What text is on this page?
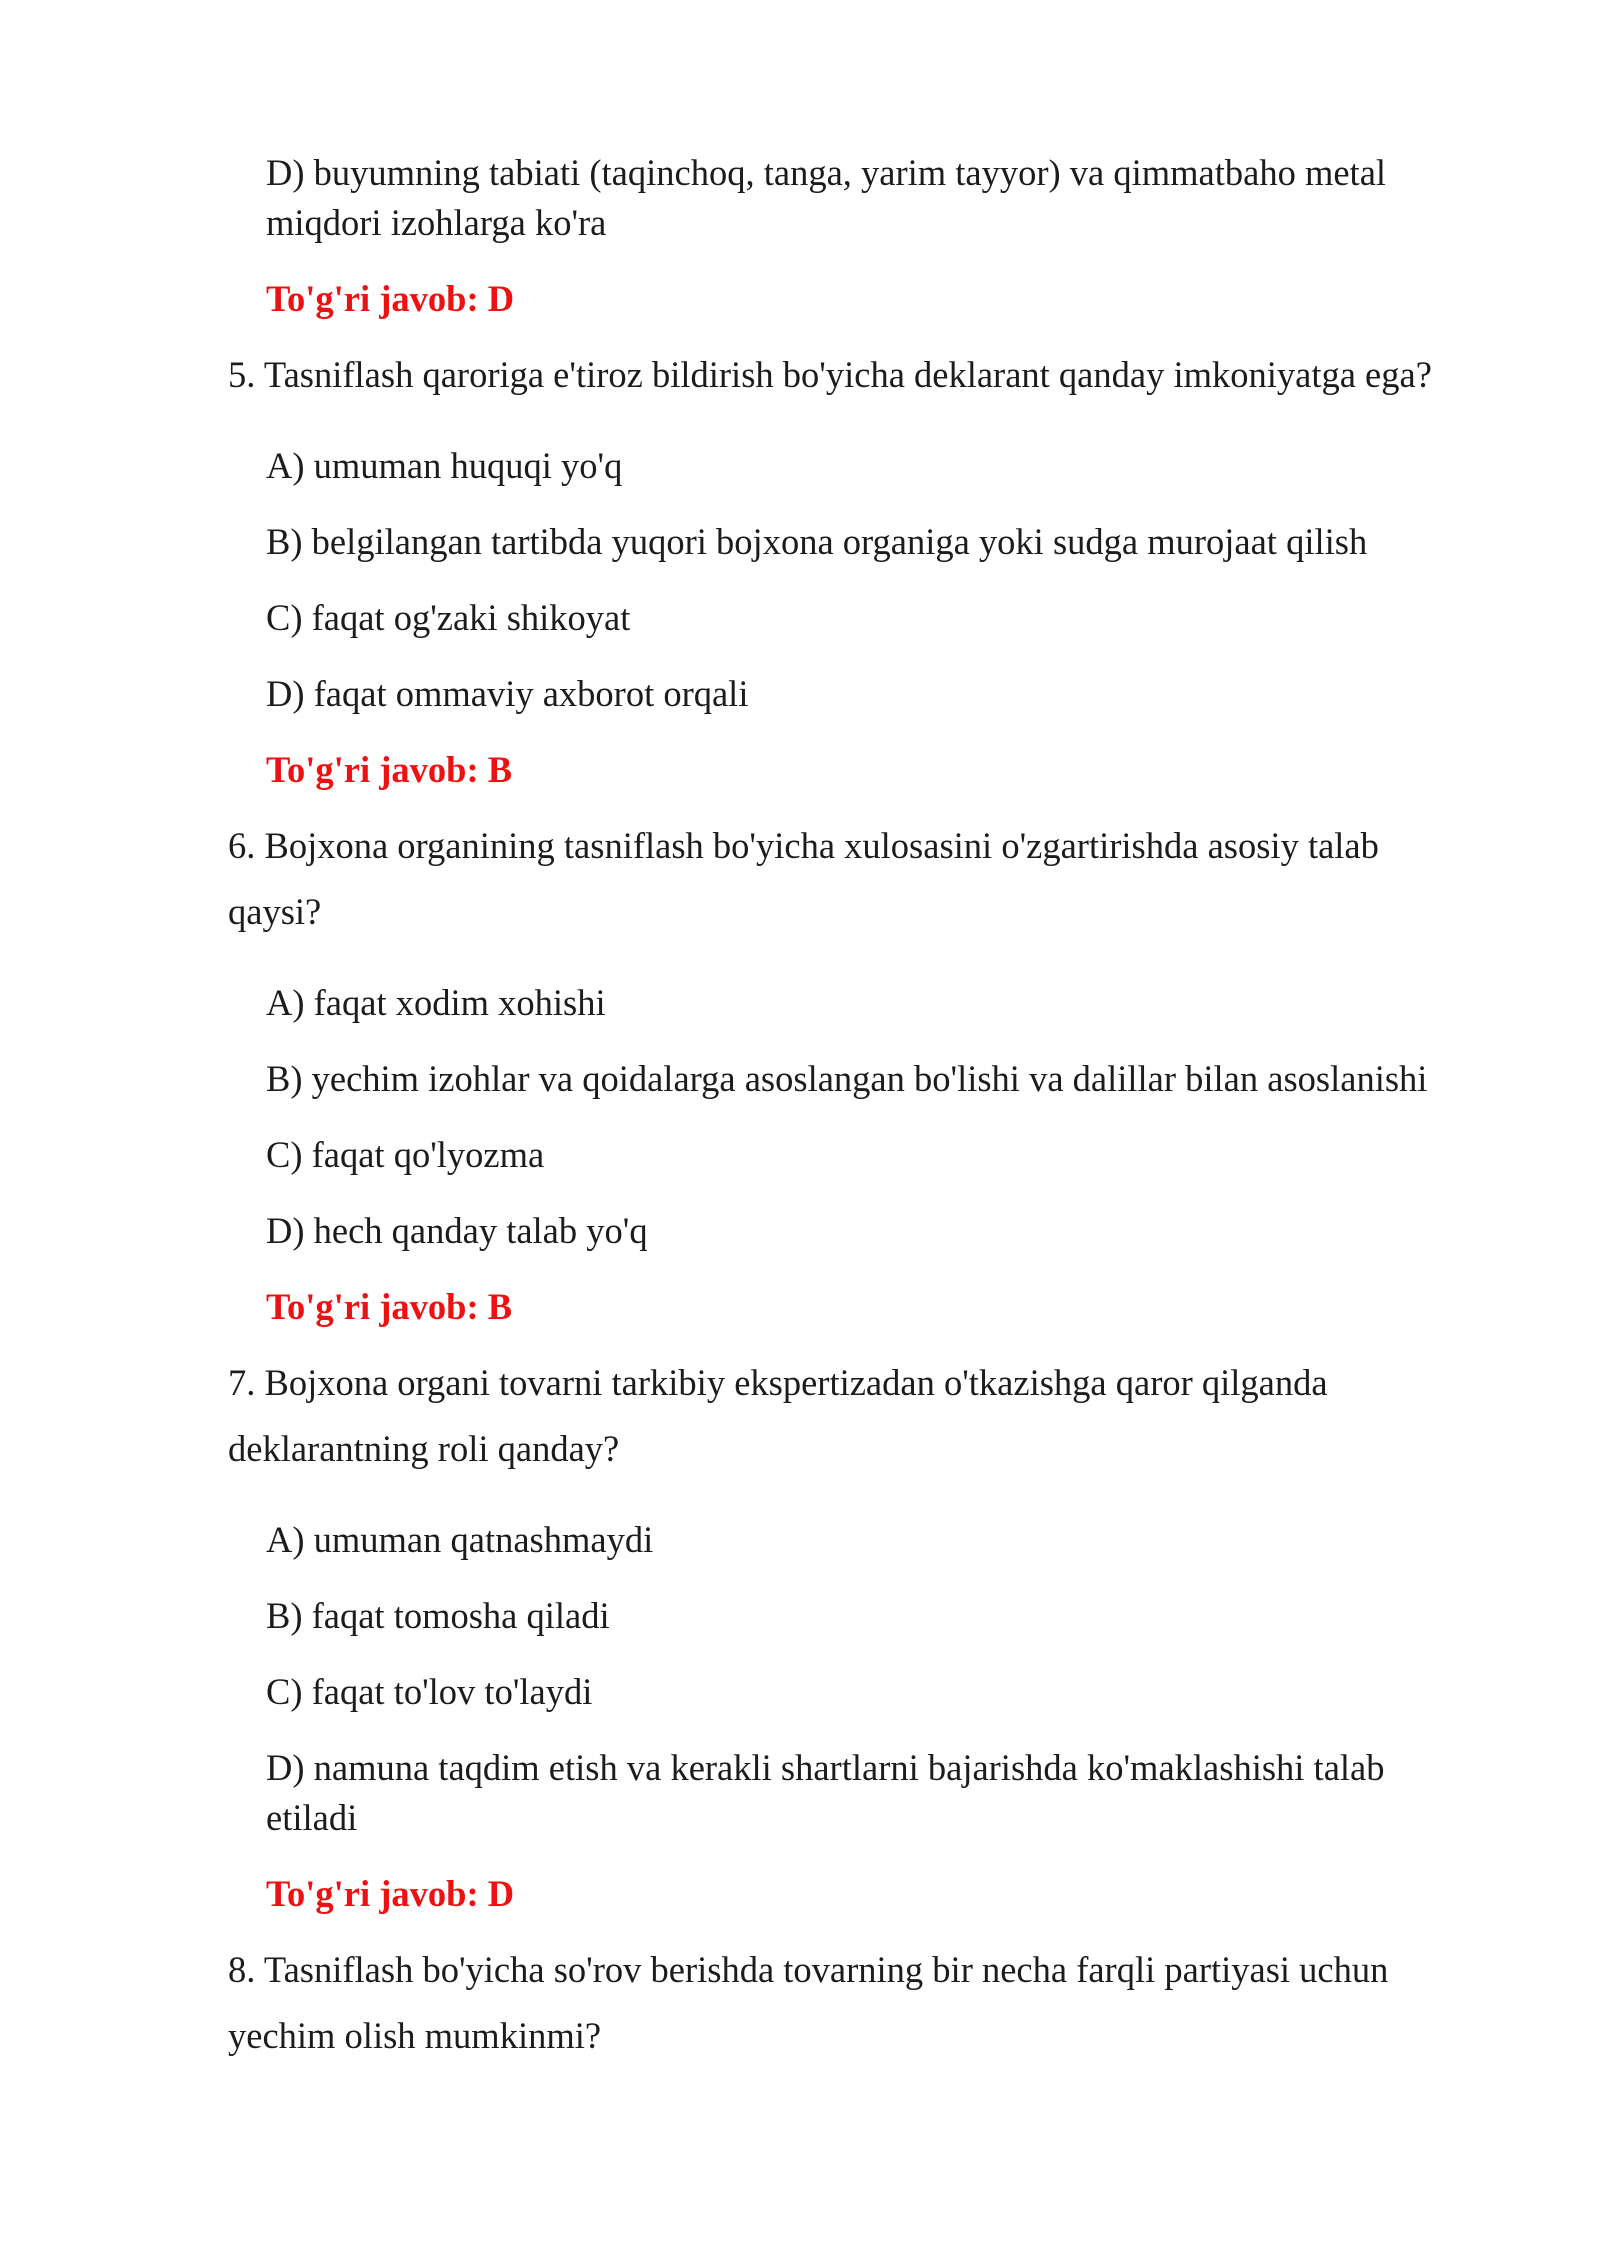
D) buyumning tabiati (taqinchoq, tanga, yarim tayyor) va qimmatbaho metal
miqdori izohlarga ko'ra
To'g'ri javob: D
5. Tasniflash qaroriga e'tiroz bildirish bo'yicha deklarant qanday imkoniyatga ega?
A) umuman huquqi yo'q
B) belgilangan tartibda yuqori bojxona organiga yoki sudga murojaat qilish
C) faqat og'zaki shikoyat
D) faqat ommaviy axborot orqali
To'g'ri javob: B
6. Bojxona organining tasniflash bo'yicha xulosasini o'zgartirishda asosiy talab
qaysi?
A) faqat xodim xohishi
B) yechim izohlar va qoidalarga asoslangan bo'lishi va dalillar bilan asoslanishi
C) faqat qo'lyozma
D) hech qanday talab yo'q
To'g'ri javob: B
7. Bojxona organi tovarni tarkibiy ekspertizadan o'tkazishga qaror qilganda
deklarantning roli qanday?
A) umuman qatnashmaydi
B) faqat tomosha qiladi
C) faqat to'lov to'laydi
D) namuna taqdim etish va kerakli shartlarni bajarishda ko'maklashishi talab
etiladi
To'g'ri javob: D
8. Tasniflash bo'yicha so'rov berishda tovarning bir necha farqli partiyasi uchun
yechim olish mumkinmi?
